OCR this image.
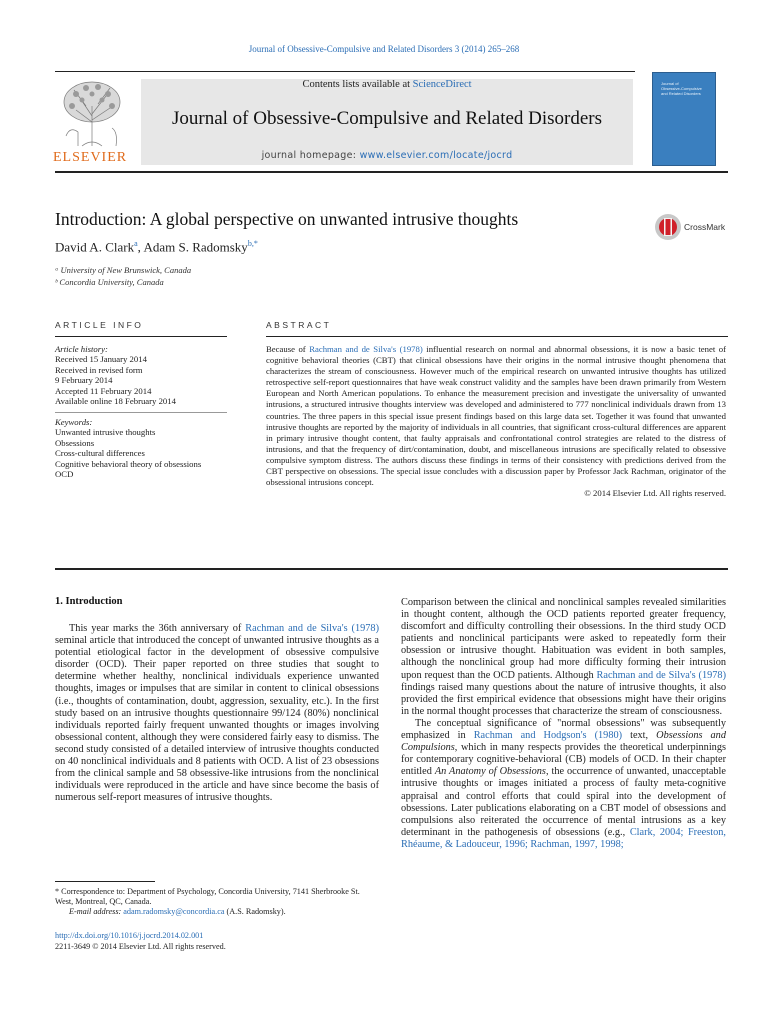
Journal of Obsessive-Compulsive and Related Disorders 3 (2014) 265–268
ELSEVIER
Contents lists available at ScienceDirect
Journal of Obsessive-Compulsive and Related Disorders
journal homepage: www.elsevier.com/locate/jocrd
Journal of
Obsessive-Compulsive
and Related Disorders
Introduction: A global perspective on unwanted intrusive thoughts	CrossMark
David A. Clark$^a$, Adam S. Radomsky$^{b,*}$
ᵃ University of New Brunswick, Canada
ᵇ Concordia University, Canada
ARTICLE INFO	ABSTRACT
Article history:
Received 15 January 2014
Received in revised form
9 February 2014
Accepted 11 February 2014
Available online 18 February 2014
Keywords:
Unwanted intrusive thoughts
Obsessions
Cross-cultural differences
Cognitive behavioral theory of obsessions
OCD
Because of Rachman and de Silva's (1978) influential research on normal and abnormal obsessions, it is now a basic tenet of cognitive behavioral theories (CBT) that clinical obsessions have their origins in the normal intrusive thought phenomena that characterizes the stream of consciousness. However much of the empirical research on unwanted intrusive thoughts has utilized retrospective self-report questionnaires that have weak construct validity and the samples have been drawn primarily from Western European and North American populations. To enhance the measurement precision and investigate the universality of unwanted intrusions, a structured intrusive thoughts interview was developed and administered to 777 nonclinical individuals drawn from 13 countries. The three papers in this special issue present findings based on this large data set. Together it was found that unwanted intrusive thoughts are reported by the majority of individuals in all countries, that significant cross-cultural differences are apparent in primary intrusive thought content, that faulty appraisals and confrontational control strategies are related to the distress of intrusions, and that the frequency of dirt/contamination, doubt, and miscellaneous intrusions are specifically related to obsessive compulsive symptom distress. The authors discuss these findings in terms of their consistency with predictions derived from the CBT perspective on obsessions. The special issue concludes with a discussion paper by Professor Jack Rachman, originator of the obsessional intrusions concept.
© 2014 Elsevier Ltd. All rights reserved.
1. Introduction

This year marks the 36th anniversary of Rachman and de Silva's (1978) seminal article that introduced the concept of unwanted intrusive thoughts as a potential etiological factor in the development of obsessive compulsive disorder (OCD). Their paper reported on three studies that sought to determine whether healthy, nonclinical individuals experience unwanted thoughts, images or impulses that are similar in content to clinical obsessions (i.e., thoughts of contamination, doubt, aggression, sexuality, etc.). In the first study based on an intrusive thoughts questionnaire 99/124 (80%) nonclinical individuals reported fairly frequent unwanted thoughts or images involving obsessional content, although they were considered fairly easy to dismiss. The second study consisted of a detailed interview of intrusive thoughts conducted on 40 nonclinical individuals and 8 patients with OCD. A list of 23 obsessions from the clinical sample and 58 obsessive-like intrusions from the nonclinical individuals were reproduced in the article and have since become the basis of numerous self-report measures of intrusive thoughts.

Comparison between the clinical and nonclinical samples revealed similarities in thought content, although the OCD patients reported greater frequency, discomfort and difficulty controlling their obsessions. In the third study OCD patients and nonclinical participants were asked to repeatedly form their obsession or intrusive thought. Habituation was evident in both samples, although the nonclinical group had more difficulty forming their intrusion upon request than the OCD patients. Although Rachman and de Silva's (1978) findings raised many questions about the nature of intrusive thoughts, it also provided the first empirical evidence that obsessions might have their origins in the normal thought processes that characterize the stream of consciousness.

The conceptual significance of "normal obsessions" was subsequently emphasized in Rachman and Hodgson's (1980) text, Obsessions and Compulsions, which in many respects provides the theoretical underpinnings for contemporary cognitive-behavioral (CB) models of OCD. In their chapter entitled An Anatomy of Obsessions, the occurrence of unwanted, unacceptable intrusive thoughts or images initiated a process of faulty meta-cognitive appraisal and control efforts that could spiral into the development of obsessions. Later publications elaborating on a CBT model of obsessions and compulsions also reiterated the occurrence of mental intrusions as a key determinant in the pathogenesis of obsessions (e.g., Clark, 2004; Freeston, Rhéaume, & Ladouceur, 1996; Rachman, 1997, 1998;

* Correspondence to: Department of Psychology, Concordia University, 7141 Sherbrooke St. West, Montreal, QC, Canada.
E-mail address: adam.radomsky@concordia.ca (A.S. Radomsky).
http://dx.doi.org/10.1016/j.jocrd.2014.02.001
2211-3649 © 2014 Elsevier Ltd. All rights reserved.
